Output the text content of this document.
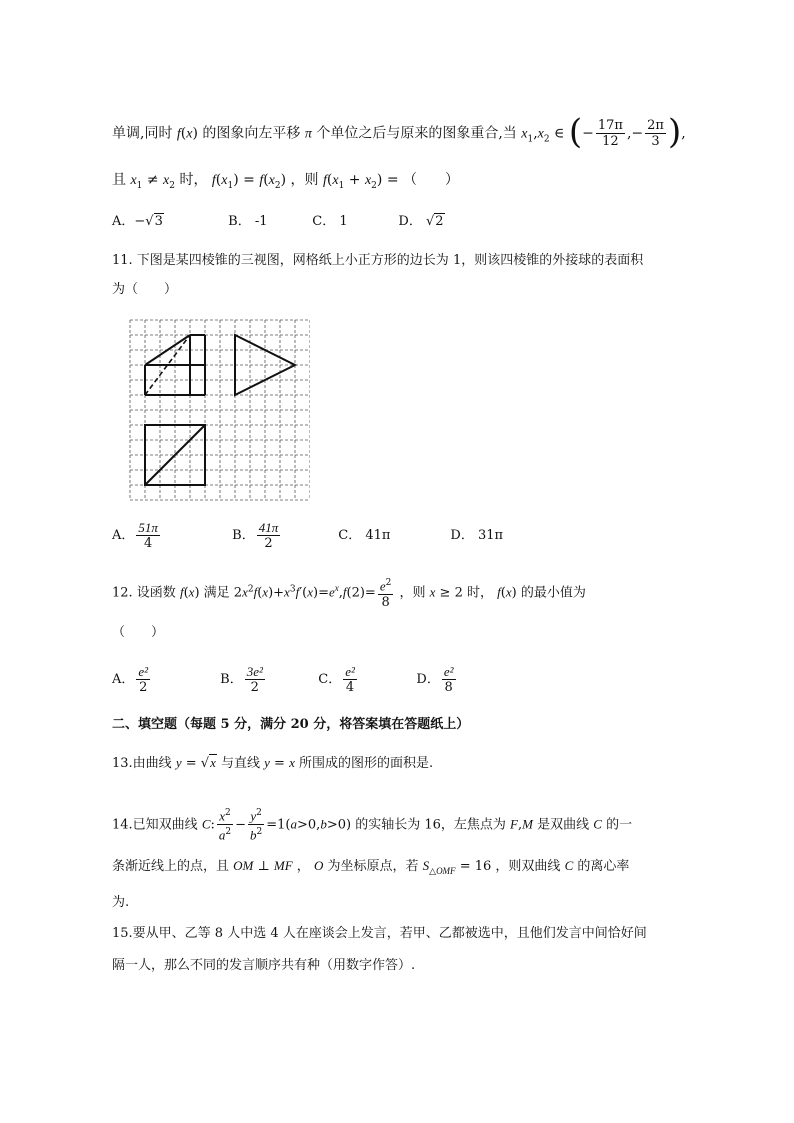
单调,同时 f(x) 的图象向左平移 π 个单位之后与原来的图象重合,当 $x_1,x_2$ ∈ (− $\frac{17\pi}{12}$ ,− $\frac{2\pi}{3}$ ),
且 $x_1 \ne x_2$ 时， $f(x_1) = f(x_2)$ ，则 $f(x_1 + x_2)$ = （　　）
A．−√3	B． -1	C． 1	D． √2
11. 下图是某四棱锥的三视图，网格纸上小正方形的边长为 1，则该四棱锥的外接球的表面积
为（　　）
A． $\frac{51\pi}{4}$	B． $\frac{41\pi}{2}$	C． 41π	D． 31π
12. 设函数 f(x) 满足 $2x^2f(x)+x^3f'(x)=e^x,f(2)= \frac{e^2}{8}$ ，则 x ≥ 2 时， f(x) 的最小值为
（　　）
A． $\frac{\text{e²}}{2}$	B． $\frac{\text{3e²}}{2}$	C． $\frac{\text{e²}}{4}$	D． $\frac{\text{e²}}{8}$
二、填空题（每题 5 分，满分 20 分，将答案填在答题纸上）
13.由曲线 y = √x 与直线 y = x 所围成的图形的面积是.
14.已知双曲线 C: $\frac{x^2}{a^2} - \frac{y^2}{b^2} =1(a>0,b>0)$ 的实轴长为 16，左焦点为 F,M 是双曲线 C 的一
条渐近线上的点，且 OM ⊥ MF ， O 为坐标原点，若 $S_{\triangle OMF} = 16$ ，则双曲线 C 的离心率
为.
15.要从甲、乙等 8 人中选 4 人在座谈会上发言，若甲、乙都被选中，且他们发言中间恰好间
隔一人，那么不同的发言顺序共有种（用数字作答）.
